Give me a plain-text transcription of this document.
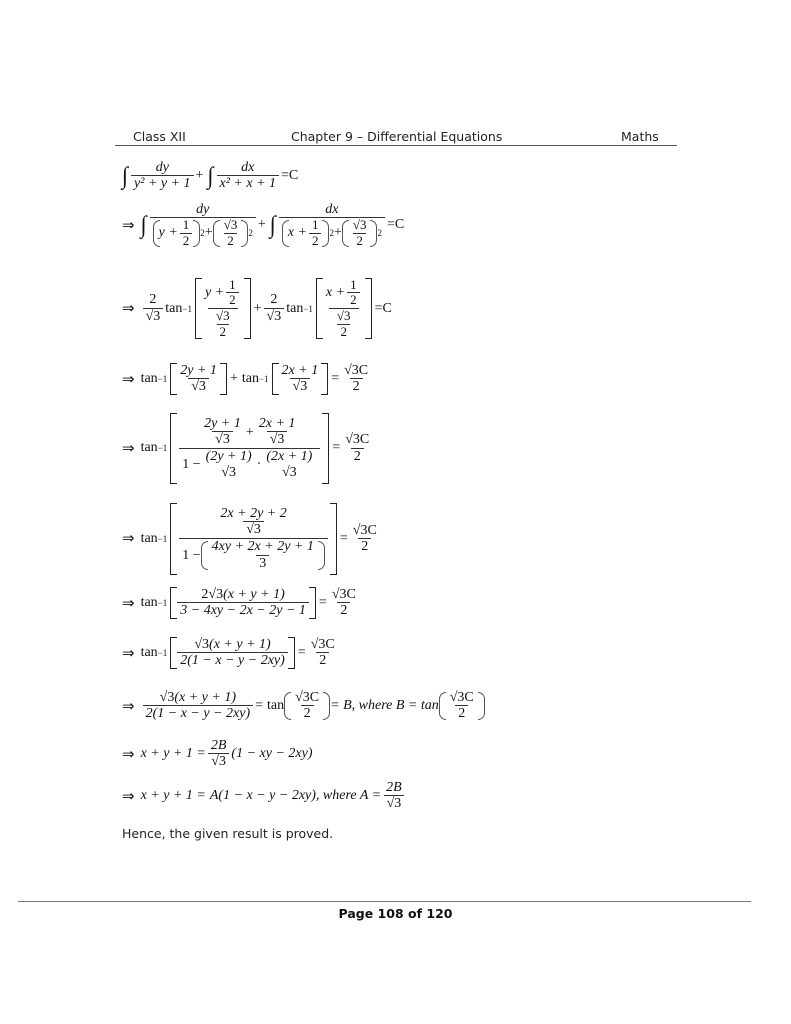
Class XII	Chapter 9 – Differential Equations	Maths
∫ $\frac{dy}{\text{y² + y + 1}}$ + ∫ $\frac{dx}{\text{x² + x + 1}} =C$
⇒ ∫ $\frac{dy}{y + \frac{1}{2} 2 + \frac{√3}{2} 2}$ + ∫ $\frac{dx}{x + \frac{1}{2} 2 + \frac{√3}{2} 2} =C$
⇒ $\frac{2}{√3}$ $\tan -1 \frac{y + \frac{1}{2}}{\frac{√3}{2}} + \frac{2}{√3}$ $\tan -1 \frac{x + \frac{1}{2}}{\frac{√3}{2}} =C$
⇒ $\tan -1 \frac{2y + 1}{√3} + \tan -1 \frac{2x + 1}{√3} = \frac{√3C}{2}$
⇒ $\tan -1 \frac{2y + 1}{√3} + \frac{2x + 1}{√3}$
1 −
(2y + 1)
√3
·
(2x + 1)
$√3 = \frac{√3C}{2}$
⇒ $\tan -1 \frac{\frac{2x + 2y + 2}{√3}}{1 - \frac{4xy + 2x + 2y + 1}{3}} = \frac{√3C}{2}$
⇒ $\tan -1 \frac{2√3(x + y + 1)}{3 - 4xy - 2x - 2y - 1} = \frac{√3C}{2}$
⇒ $\tan -1 \frac{√3(x + y + 1)}{2(1 - x - y - 2xy)} = \frac{√3C}{2}$
⇒ $\frac{√3(x + y + 1)}{2(1 - x - y - 2xy)} = \tan \frac{√3C}{2} = B$, where $B = \tan \frac{√3C}{2}$
⇒ $x + y + 1 = \frac{2B}{√3} (1$ − xy − 2xy)
⇒ x + y + 1 = A(1 − x − y − 2xy), where $A = \frac{2B}{√3}$
Hence, the given result is proved.
Page 108 of 120
